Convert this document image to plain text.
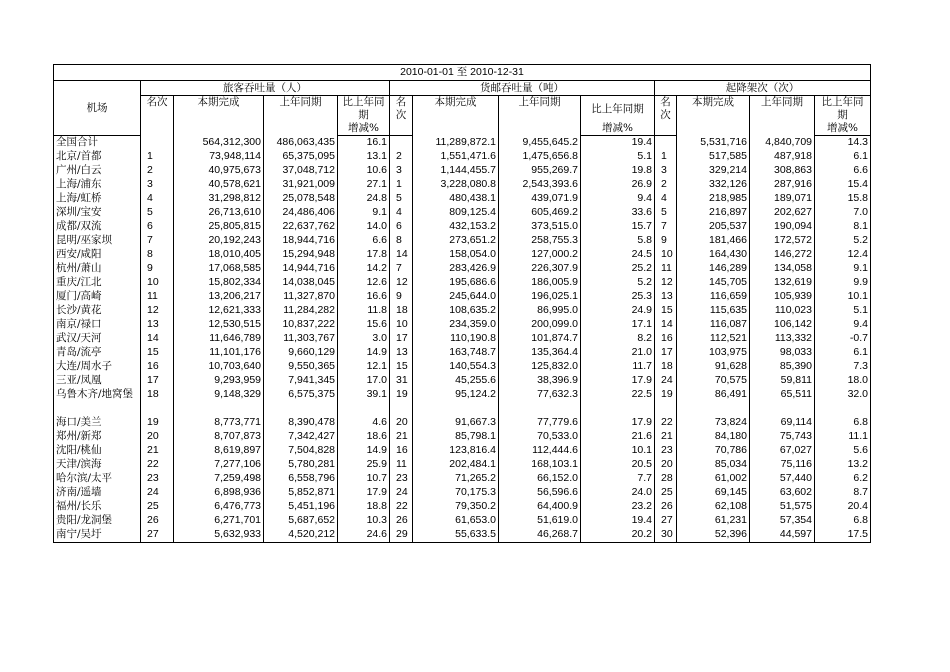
2010-01-01 至 2010-12-31												
机场	旅客吞吐量（人）				货邮吞吐量（吨）				起降架次（次）			
	名次	本期完成	上年同期	比上年同	名	本期完成	上年同期	比上年同期	名	本期完成	上年同期	比上年同
				期	次				次			期
				增减%				增减%				增减%
全国合计		564,312,300	486,063,435	16.1		11,289,872.1	9,455,645.2	19.4		5,531,716	4,840,709	14.3
北京/首都	1	73,948,114	65,375,095	13.1	2	1,551,471.6	1,475,656.8	5.1	1	517,585	487,918	6.1
广州/白云	2	40,975,673	37,048,712	10.6	3	1,144,455.7	955,269.7	19.8	3	329,214	308,863	6.6
上海/浦东	3	40,578,621	31,921,009	27.1	1	3,228,080.8	2,543,393.6	26.9	2	332,126	287,916	15.4
上海/虹桥	4	31,298,812	25,078,548	24.8	5	480,438.1	439,071.9	9.4	4	218,985	189,071	15.8
深圳/宝安	5	26,713,610	24,486,406	9.1	4	809,125.4	605,469.2	33.6	5	216,897	202,627	7.0
成都/双流	6	25,805,815	22,637,762	14.0	6	432,153.2	373,515.0	15.7	7	205,537	190,094	8.1
昆明/巫家坝	7	20,192,243	18,944,716	6.6	8	273,651.2	258,755.3	5.8	9	181,466	172,572	5.2
西安/咸阳	8	18,010,405	15,294,948	17.8	14	158,054.0	127,000.2	24.5	10	164,430	146,272	12.4
杭州/萧山	9	17,068,585	14,944,716	14.2	7	283,426.9	226,307.9	25.2	11	146,289	134,058	9.1
重庆/江北	10	15,802,334	14,038,045	12.6	12	195,686.6	186,005.9	5.2	12	145,705	132,619	9.9
厦门/高崎	11	13,206,217	11,327,870	16.6	9	245,644.0	196,025.1	25.3	13	116,659	105,939	10.1
长沙/黄花	12	12,621,333	11,284,282	11.8	18	108,635.2	86,995.0	24.9	15	115,635	110,023	5.1
南京/禄口	13	12,530,515	10,837,222	15.6	10	234,359.0	200,099.0	17.1	14	116,087	106,142	9.4
武汉/天河	14	11,646,789	11,303,767	3.0	17	110,190.8	101,874.7	8.2	16	112,521	113,332	-0.7
青岛/流亭	15	11,101,176	9,660,129	14.9	13	163,748.7	135,364.4	21.0	17	103,975	98,033	6.1
大连/周水子	16	10,703,640	9,550,365	12.1	15	140,554.3	125,832.0	11.7	18	91,628	85,390	7.3
三亚/凤凰	17	9,293,959	7,941,345	17.0	31	45,255.6	38,396.9	17.9	24	70,575	59,811	18.0
乌鲁木齐/地窝堡	18	9,148,329	6,575,375	39.1	19	95,124.2	77,632.3	22.5	19	86,491	65,511	32.0
海口/美兰	19	8,773,771	8,390,478	4.6	20	91,667.3	77,779.6	17.9	22	73,824	69,114	6.8
郑州/新郑	20	8,707,873	7,342,427	18.6	21	85,798.1	70,533.0	21.6	21	84,180	75,743	11.1
沈阳/桃仙	21	8,619,897	7,504,828	14.9	16	123,816.4	112,444.6	10.1	23	70,786	67,027	5.6
天津/滨海	22	7,277,106	5,780,281	25.9	11	202,484.1	168,103.1	20.5	20	85,034	75,116	13.2
哈尔滨/太平	23	7,259,498	6,558,796	10.7	23	71,265.2	66,152.0	7.7	28	61,002	57,440	6.2
济南/遥墙	24	6,898,936	5,852,871	17.9	24	70,175.3	56,596.6	24.0	25	69,145	63,602	8.7
福州/长乐	25	6,476,773	5,451,196	18.8	22	79,350.2	64,400.9	23.2	26	62,108	51,575	20.4
贵阳/龙洞堡	26	6,271,701	5,687,652	10.3	26	61,653.0	51,619.0	19.4	27	61,231	57,354	6.8
南宁/吴圩	27	5,632,933	4,520,212	24.6	29	55,633.5	46,268.7	20.2	30	52,396	44,597	17.5
